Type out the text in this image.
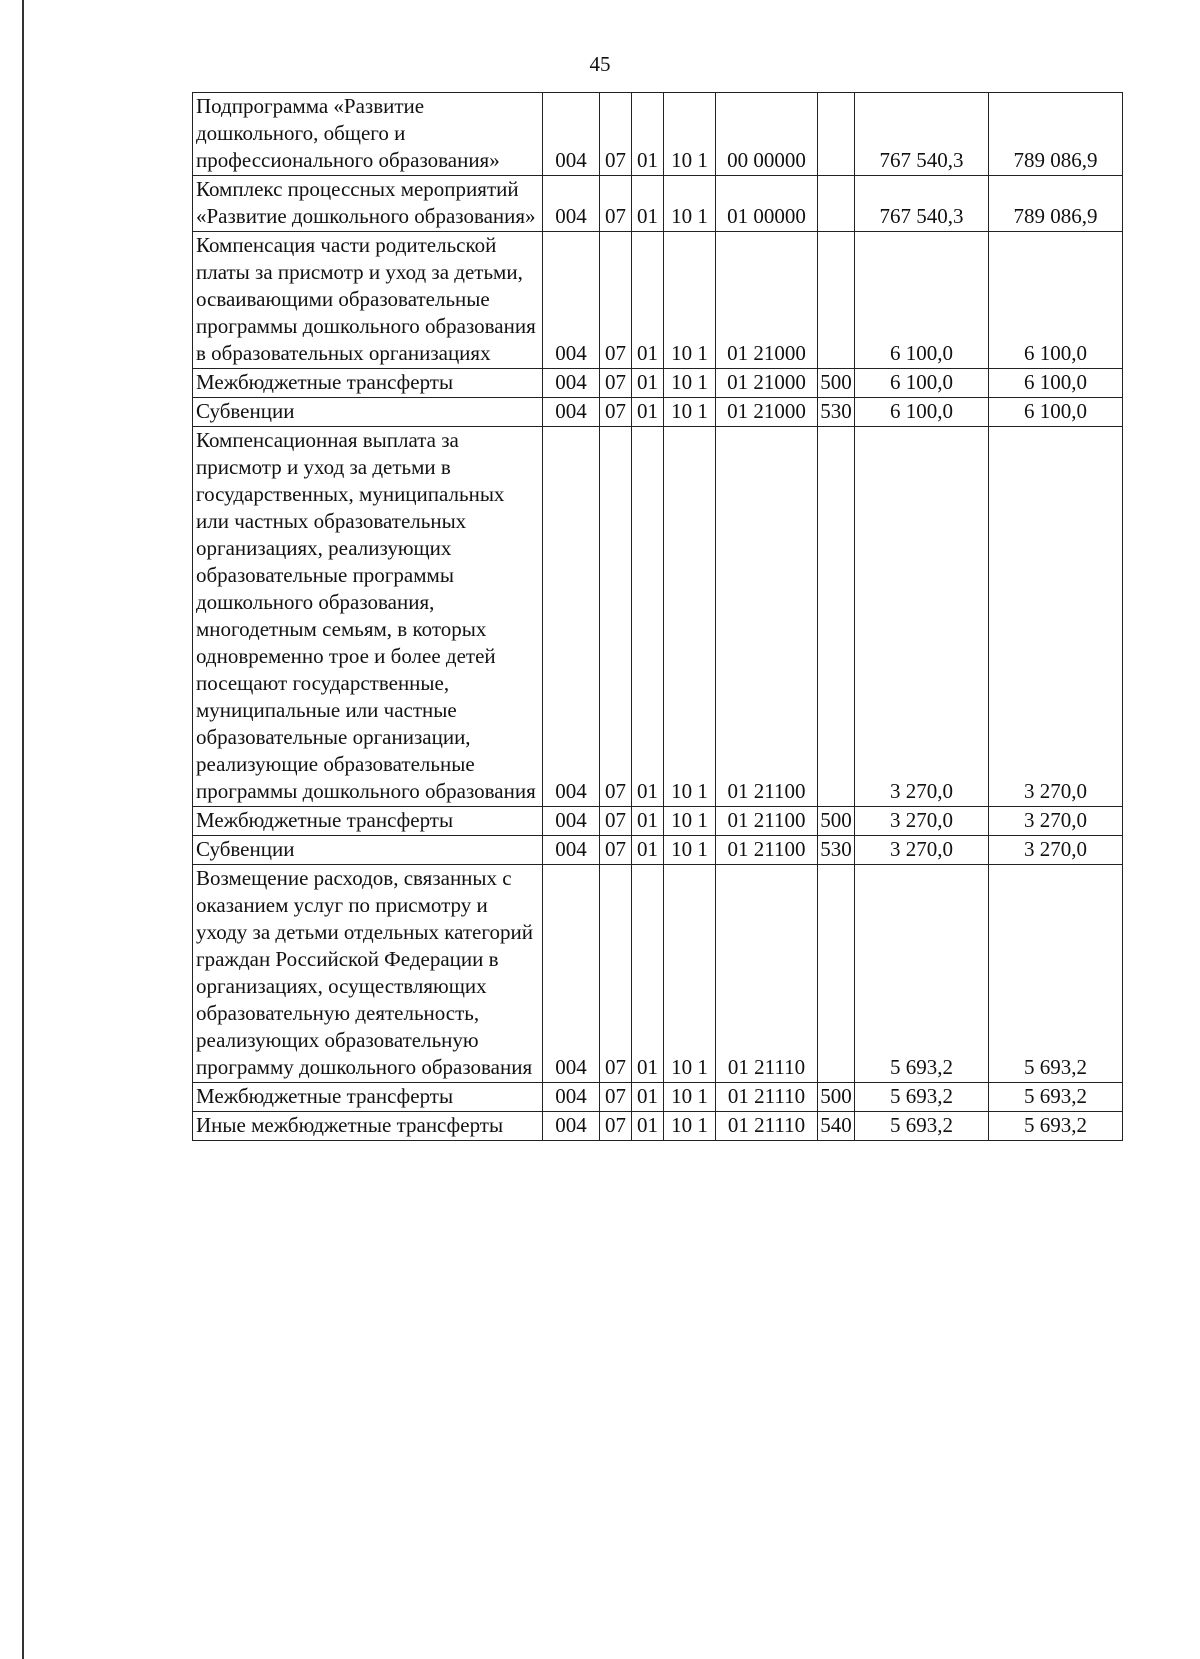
45
Подпрограмма «Развитие дошкольного, общего и профессионального образования»	004	07	01	10 1	00 00000		767 540,3	789 086,9
Комплекс процессных мероприятий «Развитие дошкольного образования»	004	07	01	10 1	01 00000		767 540,3	789 086,9
Компенсация части родительской платы за присмотр и уход за детьми, осваивающими образовательные программы дошкольного образования в образовательных организациях	004	07	01	10 1	01 21000		6 100,0	6 100,0
Межбюджетные трансферты	004	07	01	10 1	01 21000	500	6 100,0	6 100,0
Субвенции	004	07	01	10 1	01 21000	530	6 100,0	6 100,0
Компенсационная выплата за присмотр и уход за детьми в государственных, муниципальных или частных образовательных организациях, реализующих образовательные программы дошкольного образования, многодетным семьям, в которых одновременно трое и более детей посещают государственные, муниципальные или частные образовательные организации, реализующие образовательные программы дошкольного образования	004	07	01	10 1	01 21100		3 270,0	3 270,0
Межбюджетные трансферты	004	07	01	10 1	01 21100	500	3 270,0	3 270,0
Субвенции	004	07	01	10 1	01 21100	530	3 270,0	3 270,0
Возмещение расходов, связанных с оказанием услуг по присмотру и уходу за детьми отдельных категорий граждан Российской Федерации в организациях, осуществляющих образовательную деятельность, реализующих образовательную программу дошкольного образования	004	07	01	10 1	01 21110		5 693,2	5 693,2
Межбюджетные трансферты	004	07	01	10 1	01 21110	500	5 693,2	5 693,2
Иные межбюджетные трансферты	004	07	01	10 1	01 21110	540	5 693,2	5 693,2
